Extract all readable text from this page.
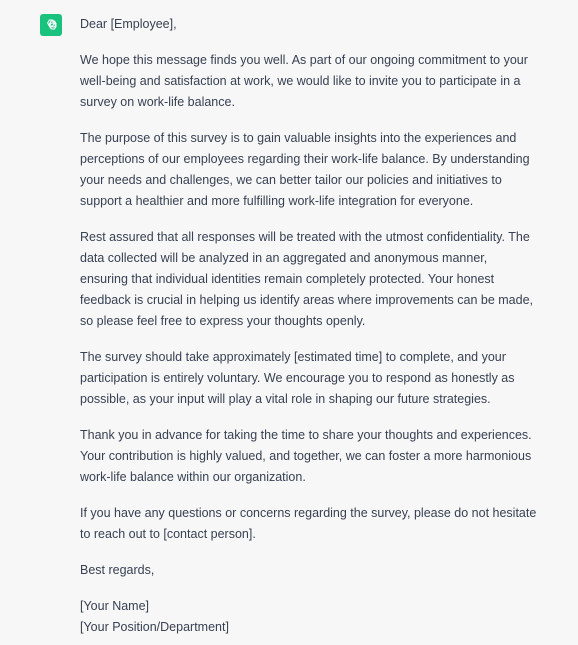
Dear [Employee],

We hope this message finds you well. As part of our ongoing commitment to your well-being and satisfaction at work, we would like to invite you to participate in a survey on work-life balance.

The purpose of this survey is to gain valuable insights into the experiences and perceptions of our employees regarding their work-life balance. By understanding your needs and challenges, we can better tailor our policies and initiatives to support a healthier and more fulfilling work-life integration for everyone.

Rest assured that all responses will be treated with the utmost confidentiality. The data collected will be analyzed in an aggregated and anonymous manner, ensuring that individual identities remain completely protected. Your honest feedback is crucial in helping us identify areas where improvements can be made, so please feel free to express your thoughts openly.

The survey should take approximately [estimated time] to complete, and your participation is entirely voluntary. We encourage you to respond as honestly as possible, as your input will play a vital role in shaping our future strategies.

Thank you in advance for taking the time to share your thoughts and experiences. Your contribution is highly valued, and together, we can foster a more harmonious work-life balance within our organization.

If you have any questions or concerns regarding the survey, please do not hesitate to reach out to [contact person].

Best regards,

[Your Name]

[Your Position/Department]
